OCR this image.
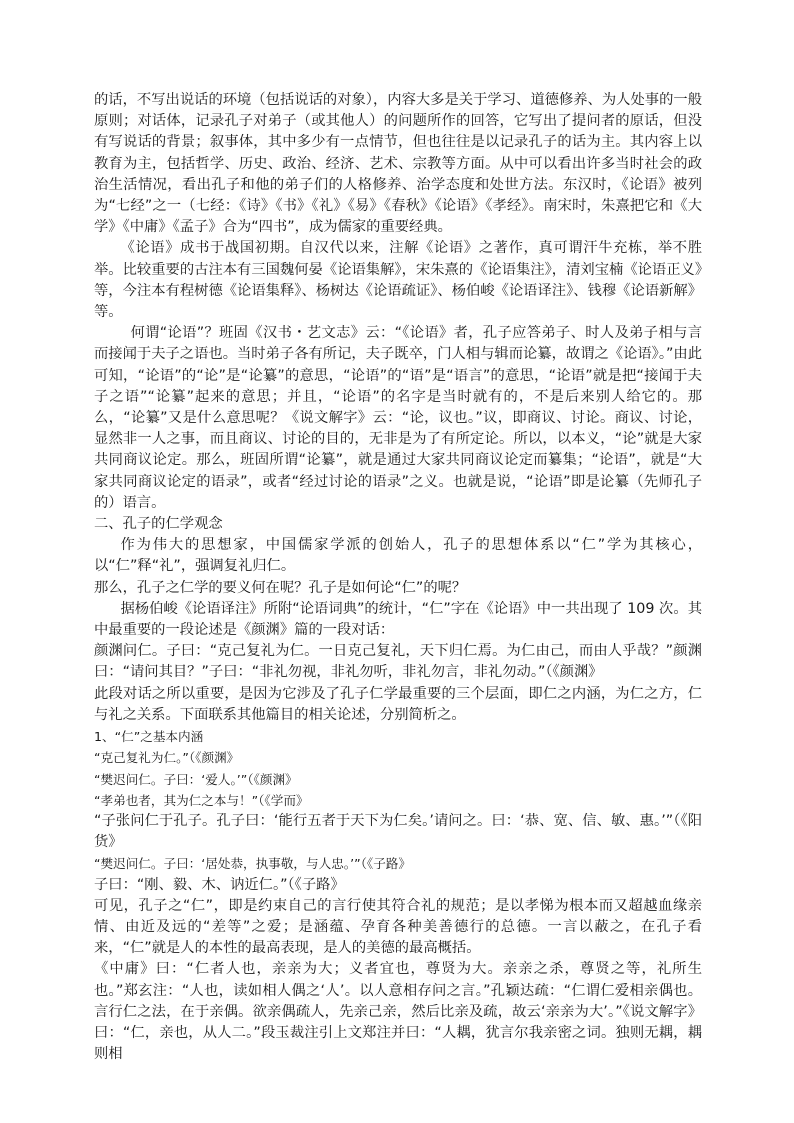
的话，不写出说话的环境（包括说话的对象），内容大多是关于学习、道德修养、为人处事的一般原则；对话体，记录孔子对弟子（或其他人）的问题所作的回答，它写出了提问者的原话，但没有写说话的背景；叙事体，其中多少有一点情节，但也往往是以记录孔子的话为主。其内容上以教育为主，包括哲学、历史、政治、经济、艺术、宗教等方面。从中可以看出许多当时社会的政治生活情况，看出孔子和他的弟子们的人格修养、治学态度和处世方法。东汉时，《论语》被列为“七经”之一（七经：《诗》《书》《礼》《易》《春秋》《论语》《孝经》。南宋时，朱熹把它和《大学》《中庸》《孟子》合为“四书”，成为儒家的重要经典。

《论语》成书于战国初期。自汉代以来，注解《论语》之著作，真可谓汗牛充栋，举不胜举。比较重要的古注本有三国魏何晏《论语集解》，宋朱熹的《论语集注》，清刘宝楠《论语正义》等，今注本有程树德《论语集释》、杨树达《论语疏证》、杨伯峻《论语译注》、钱穆《论语新解》等。

何谓“论语”？班固《汉书・艺文志》云：“《论语》者，孔子应答弟子、时人及弟子相与言而接闻于夫子之语也。当时弟子各有所记，夫子既卒，门人相与辑而论纂，故谓之《论语》。”由此可知，“论语”的“论”是“论纂”的意思，“论语”的“语”是“语言”的意思，“论语”就是把“接闻于夫子之语”“论纂”起来的意思；并且，“论语”的名字是当时就有的，不是后来别人给它的。那么，“论纂”又是什么意思呢？《说文解字》云：“论，议也。”议，即商议、讨论。商议、讨论，显然非一人之事，而且商议、讨论的目的，无非是为了有所定论。所以，以本义，“论”就是大家共同商议论定。那么，班固所谓“论纂”，就是通过大家共同商议论定而纂集；“论语”，就是“大家共同商议论定的语录”，或者“经过讨论的语录”之义。也就是说，“论语”即是论纂（先师孔子的）语言。

二、孔子的仁学观念

作为伟大的思想家，中国儒家学派的创始人，孔子的思想体系以“仁”学为其核心，以“仁”释“礼”，强调复礼归仁。

那么，孔子之仁学的要义何在呢？孔子是如何论“仁”的呢？

据杨伯峻《论语译注》所附“论语词典”的统计，“仁”字在《论语》中一共出现了 109 次。其中最重要的一段论述是《颜渊》篇的一段对话：

颜渊问仁。子曰：“克己复礼为仁。一日克己复礼，天下归仁焉。为仁由己，而由人乎哉？”颜渊曰：“请问其目？”子曰：“非礼勿视，非礼勿听，非礼勿言，非礼勿动。”（《颜渊》

此段对话之所以重要，是因为它涉及了孔子仁学最重要的三个层面，即仁之内涵，为仁之方，仁与礼之关系。下面联系其他篇目的相关论述，分别简析之。

1、“仁”之基本内涵

“克己复礼为仁。”（《颜渊》

“樊迟问仁。子曰：‘爱人。’”（《颜渊》

“孝弟也者，其为仁之本与！”（《学而》

“子张问仁于孔子。孔子曰：‘能行五者于天下为仁矣。’请问之。曰：‘恭、宽、信、敏、惠。’”（《阳货》

“樊迟问仁。子曰：‘居处恭，执事敬，与人忠。’”（《子路》

子曰：“刚、毅、木、讷近仁。”（《子路》

可见，孔子之“仁”，即是约束自己的言行使其符合礼的规范；是以孝悌为根本而又超越血缘亲情、由近及远的“差等”之爱；是涵蕴、孕育各种美善德行的总德。一言以蔽之，在孔子看来，“仁”就是人的本性的最高表现，是人的美德的最高概括。

《中庸》曰：“仁者人也，亲亲为大；义者宜也，尊贤为大。亲亲之杀，尊贤之等，礼所生也。”郑玄注：“人也，读如相人偶之‘人’。以人意相存问之言。”孔颖达疏：“仁谓仁爱相亲偶也。言行仁之法，在于亲偶。欲亲偶疏人，先亲己亲，然后比亲及疏，故云‘亲亲为大’。”《说文解字》曰：“仁，亲也，从人二。”段玉裁注引上文郑注并曰：“人耦，犹言尔我亲密之词。独则无耦，耦则相
